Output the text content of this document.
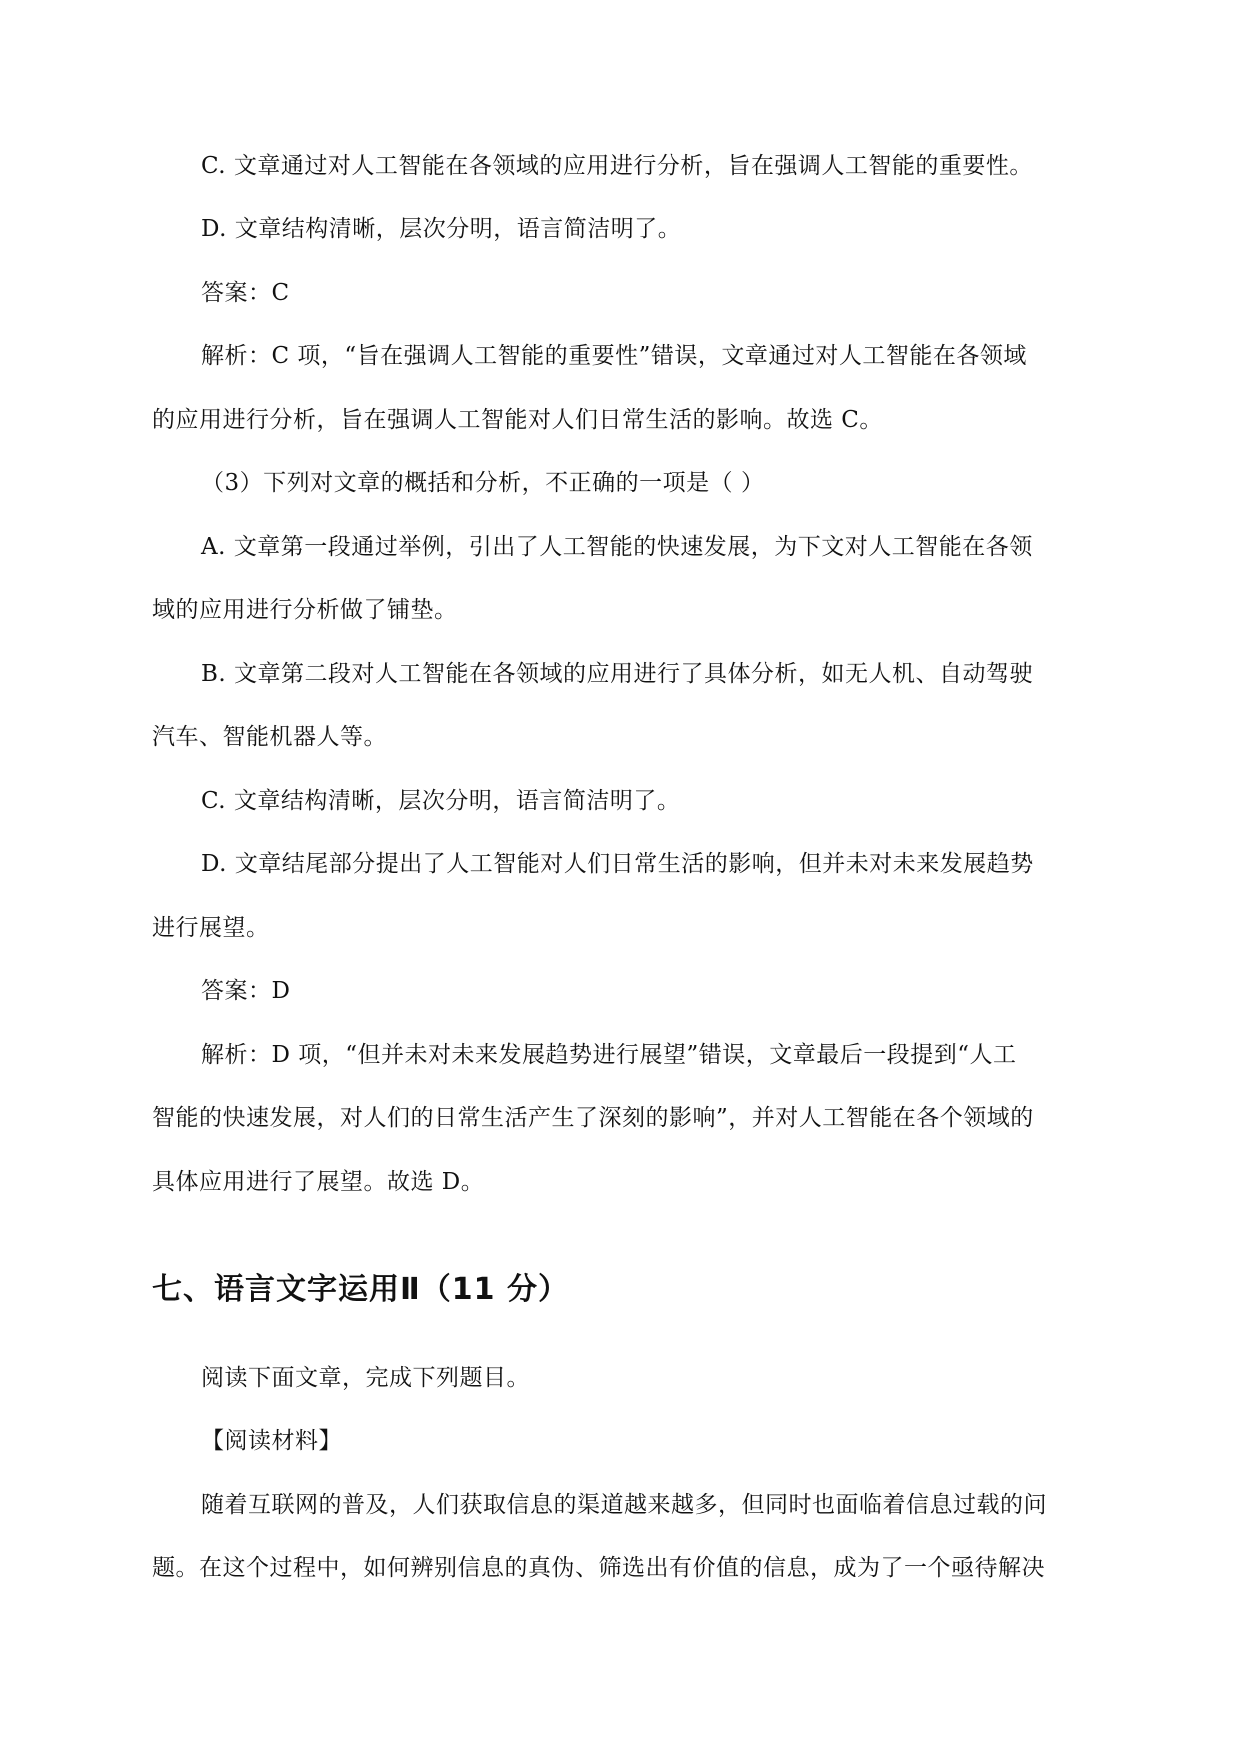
C. 文章通过对人工智能在各领域的应用进行分析，旨在强调人工智能的重要性。

D. 文章结构清晰，层次分明，语言简洁明了。

答案：C

解析：C 项，“旨在强调人工智能的重要性”错误，文章通过对人工智能在各领域

的应用进行分析，旨在强调人工智能对人们日常生活的影响。故选 C。

（3）下列对文章的概括和分析，不正确的一项是（ ）

A. 文章第一段通过举例，引出了人工智能的快速发展，为下文对人工智能在各领

域的应用进行分析做了铺垫。

B. 文章第二段对人工智能在各领域的应用进行了具体分析，如无人机、自动驾驶

汽车、智能机器人等。

C. 文章结构清晰，层次分明，语言简洁明了。

D. 文章结尾部分提出了人工智能对人们日常生活的影响，但并未对未来发展趋势

进行展望。

答案：D

解析：D 项，“但并未对未来发展趋势进行展望”错误，文章最后一段提到“人工

智能的快速发展，对人们的日常生活产生了深刻的影响”，并对人工智能在各个领域的

具体应用进行了展望。故选 D。

七、语言文字运用Ⅱ（11 分）

阅读下面文章，完成下列题目。

【阅读材料】

随着互联网的普及，人们获取信息的渠道越来越多，但同时也面临着信息过载的问

题。在这个过程中，如何辨别信息的真伪、筛选出有价值的信息，成为了一个亟待解决
